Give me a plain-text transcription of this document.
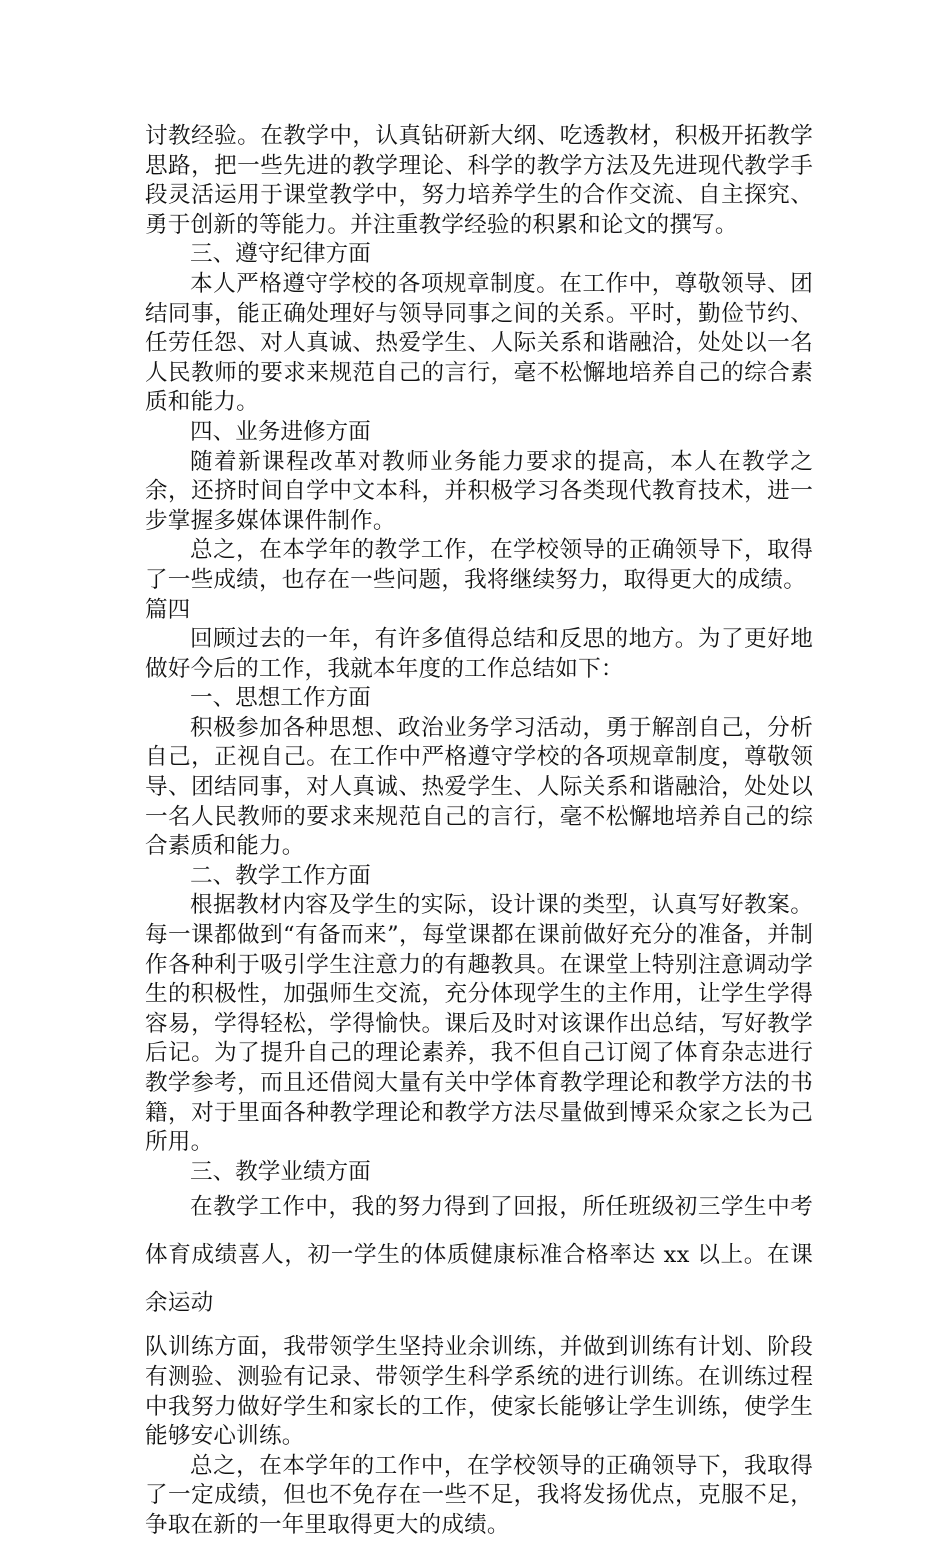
讨教经验。在教学中，认真钻研新大纲、吃透教材，积极开拓教学思路，把一些先进的教学理论、科学的教学方法及先进现代教学手段灵活运用于课堂教学中，努力培养学生的合作交流、自主探究、勇于创新的等能力。并注重教学经验的积累和论文的撰写。

三、遵守纪律方面

本人严格遵守学校的各项规章制度。在工作中，尊敬领导、团结同事，能正确处理好与领导同事之间的关系。平时，勤俭节约、任劳任怨、对人真诚、热爱学生、人际关系和谐融洽，处处以一名人民教师的要求来规范自己的言行，毫不松懈地培养自己的综合素质和能力。

四、业务进修方面

随着新课程改革对教师业务能力要求的提高，本人在教学之余，还挤时间自学中文本科，并积极学习各类现代教育技术，进一步掌握多媒体课件制作。

总之，在本学年的教学工作，在学校领导的正确领导下，取得了一些成绩，也存在一些问题，我将继续努力，取得更大的成绩。

篇四

回顾过去的一年，有许多值得总结和反思的地方。为了更好地做好今后的工作，我就本年度的工作总结如下：

一、思想工作方面

积极参加各种思想、政治业务学习活动，勇于解剖自己，分析自己，正视自己。在工作中严格遵守学校的各项规章制度，尊敬领导、团结同事，对人真诚、热爱学生、人际关系和谐融洽，处处以一名人民教师的要求来规范自己的言行，毫不松懈地培养自己的综合素质和能力。

二、教学工作方面

根据教材内容及学生的实际，设计课的类型，认真写好教案。每一课都做到“有备而来”，每堂课都在课前做好充分的准备，并制作各种利于吸引学生注意力的有趣教具。在课堂上特别注意调动学生的积极性，加强师生交流，充分体现学生的主作用，让学生学得容易，学得轻松，学得愉快。课后及时对该课作出总结，写好教学后记。为了提升自己的理论素养，我不但自己订阅了体育杂志进行教学参考，而且还借阅大量有关中学体育教学理论和教学方法的书籍，对于里面各种教学理论和教学方法尽量做到博采众家之长为己所用。

三、教学业绩方面

在教学工作中，我的努力得到了回报，所任班级初三学生中考体育成绩喜人，初一学生的体质健康标准合格率达 xx 以上。在课余运动

队训练方面，我带领学生坚持业余训练，并做到训练有计划、阶段有测验、测验有记录、带领学生科学系统的进行训练。在训练过程中我努力做好学生和家长的工作，使家长能够让学生训练，使学生能够安心训练。

总之，在本学年的工作中，在学校领导的正确领导下，我取得了一定成绩，但也不免存在一些不足，我将发扬优点，克服不足，争取在新的一年里取得更大的成绩。
